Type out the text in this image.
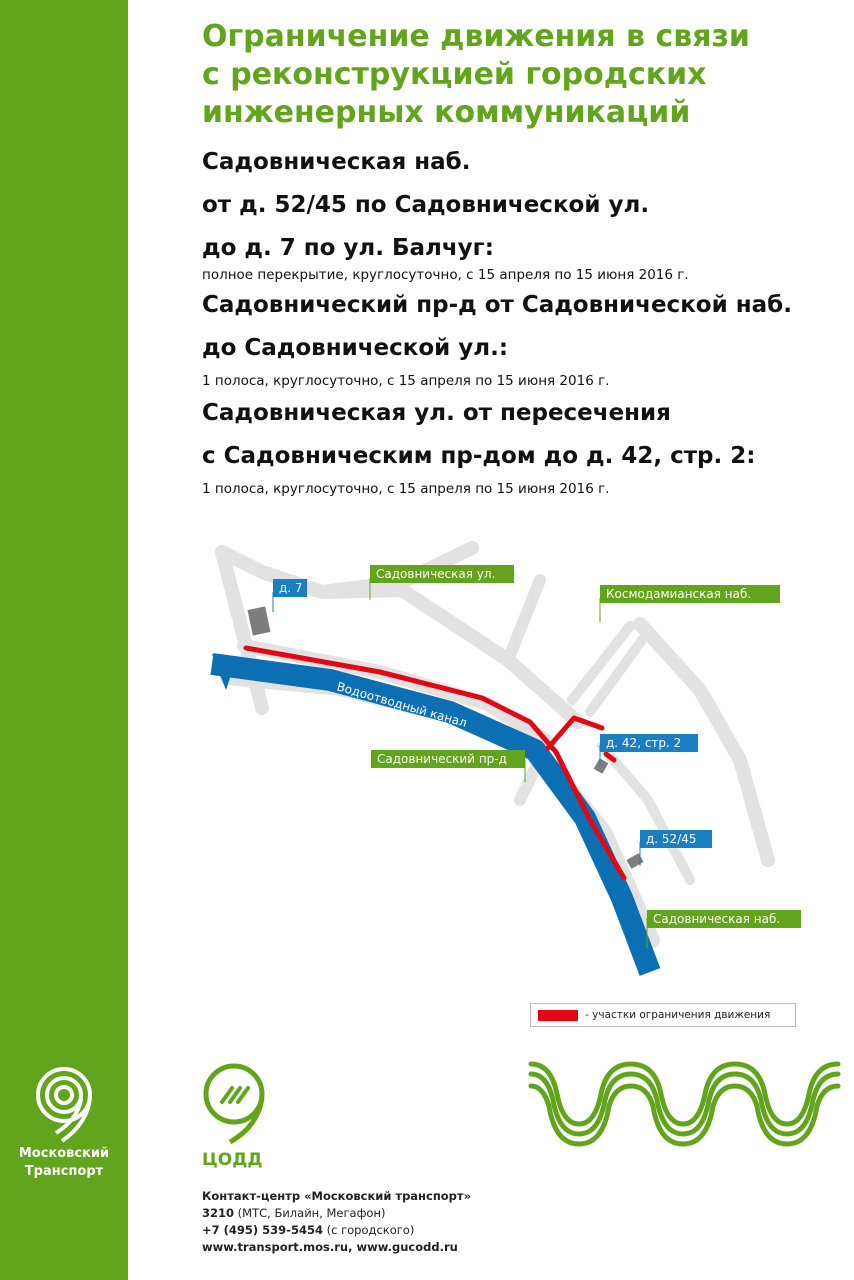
Ограничение движения в связи
с реконструкцией городских
инженерных коммуникаций
Садовническая наб.
от д. 52/45 по Садовнической ул.
до д. 7 по ул. Балчуг:
полное перекрытие, круглосуточно, с 15 апреля по 15 июня 2016 г.
Садовнический пр-д от Садовнической наб.
до Садовнической ул.:
1 полоса, круглосуточно, с 15 апреля по 15 июня 2016 г.
Садовническая ул. от пересечения
с Садовническим пр-дом до д. 42, стр. 2:
1 полоса, круглосуточно, с 15 апреля по 15 июня 2016 г.
Водоотводный канал
Садовническая ул.
Космодамианская наб.
Садовнический пр-д
Садовническая наб.
д. 7
д. 42, стр. 2
д. 52/45
- участки ограничения движения
Московский
Транспорт
ЦОДД
Контакт-центр «Московский транспорт»
3210 (МТС, Билайн, Мегафон)
+7 (495) 539-5454 (с городского)
www.transport.mos.ru, www.gucodd.ru
